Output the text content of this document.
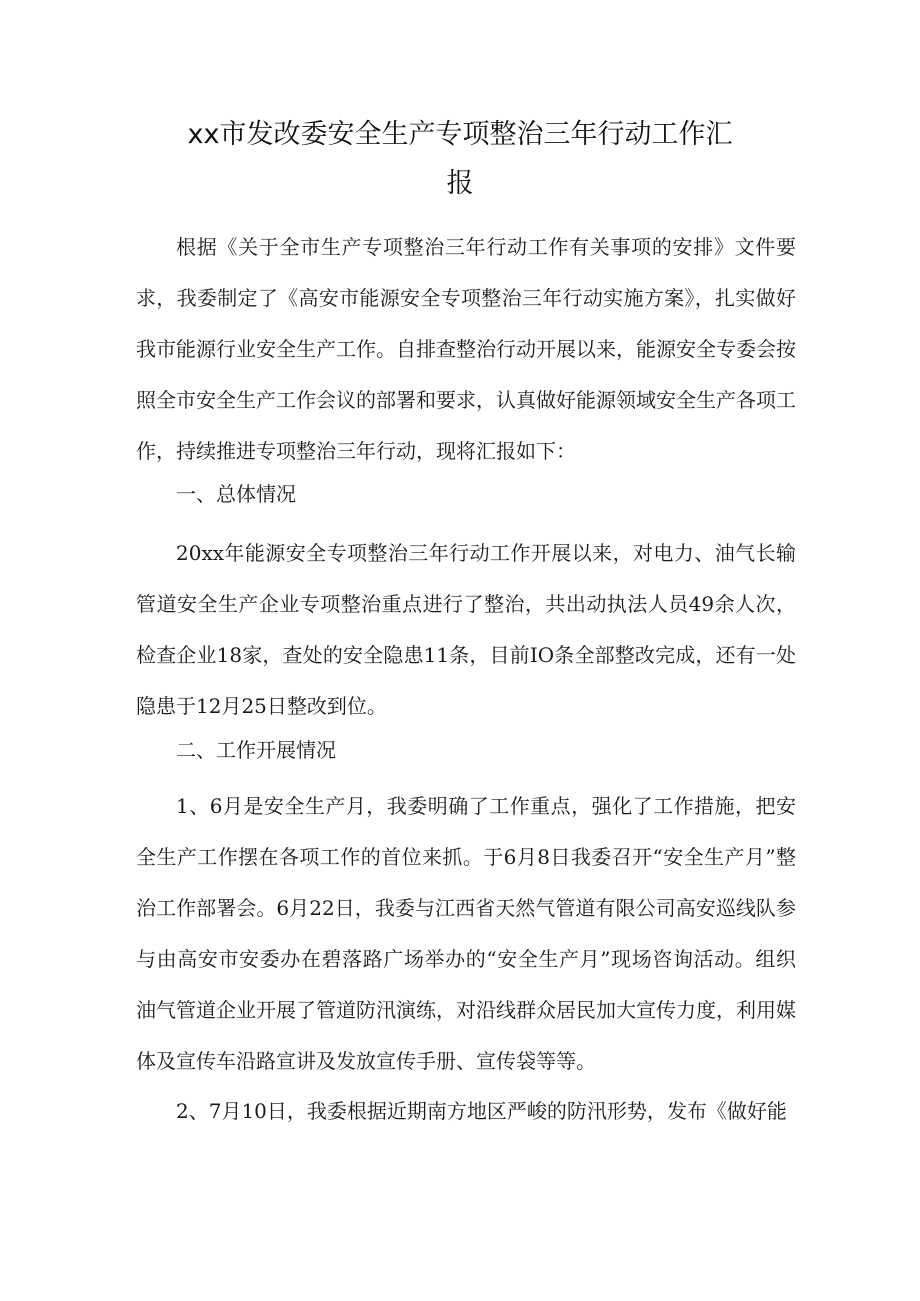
xx市发改委安全生产专项整治三年行动工作汇
报

根据《关于全市生产专项整治三年行动工作有关事项的安排》文件要求，我委制定了《高安市能源安全专项整治三年行动实施方案》，扎实做好我市能源行业安全生产工作。自排查整治行动开展以来，能源安全专委会按照全市安全生产工作会议的部署和要求，认真做好能源领域安全生产各项工作，持续推进专项整治三年行动，现将汇报如下：

一、总体情况

20xx年能源安全专项整治三年行动工作开展以来，对电力、油气长输管道安全生产企业专项整治重点进行了整治，共出动执法人员49余人次，检查企业18家，查处的安全隐患11条，目前IO条全部整改完成，还有一处隐患于12月25日整改到位。

二、工作开展情况

1、6月是安全生产月，我委明确了工作重点，强化了工作措施，把安全生产工作摆在各项工作的首位来抓。于6月8日我委召开“安全生产月”整治工作部署会。6月22日，我委与江西省天然气管道有限公司高安巡线队参与由高安市安委办在碧落路广场举办的“安全生产月”现场咨询活动。组织油气管道企业开展了管道防汛演练，对沿线群众居民加大宣传力度，利用媒体及宣传车沿路宣讲及发放宣传手册、宣传袋等等。

2、7月10日，我委根据近期南方地区严峻的防汛形势，发布《做好能
